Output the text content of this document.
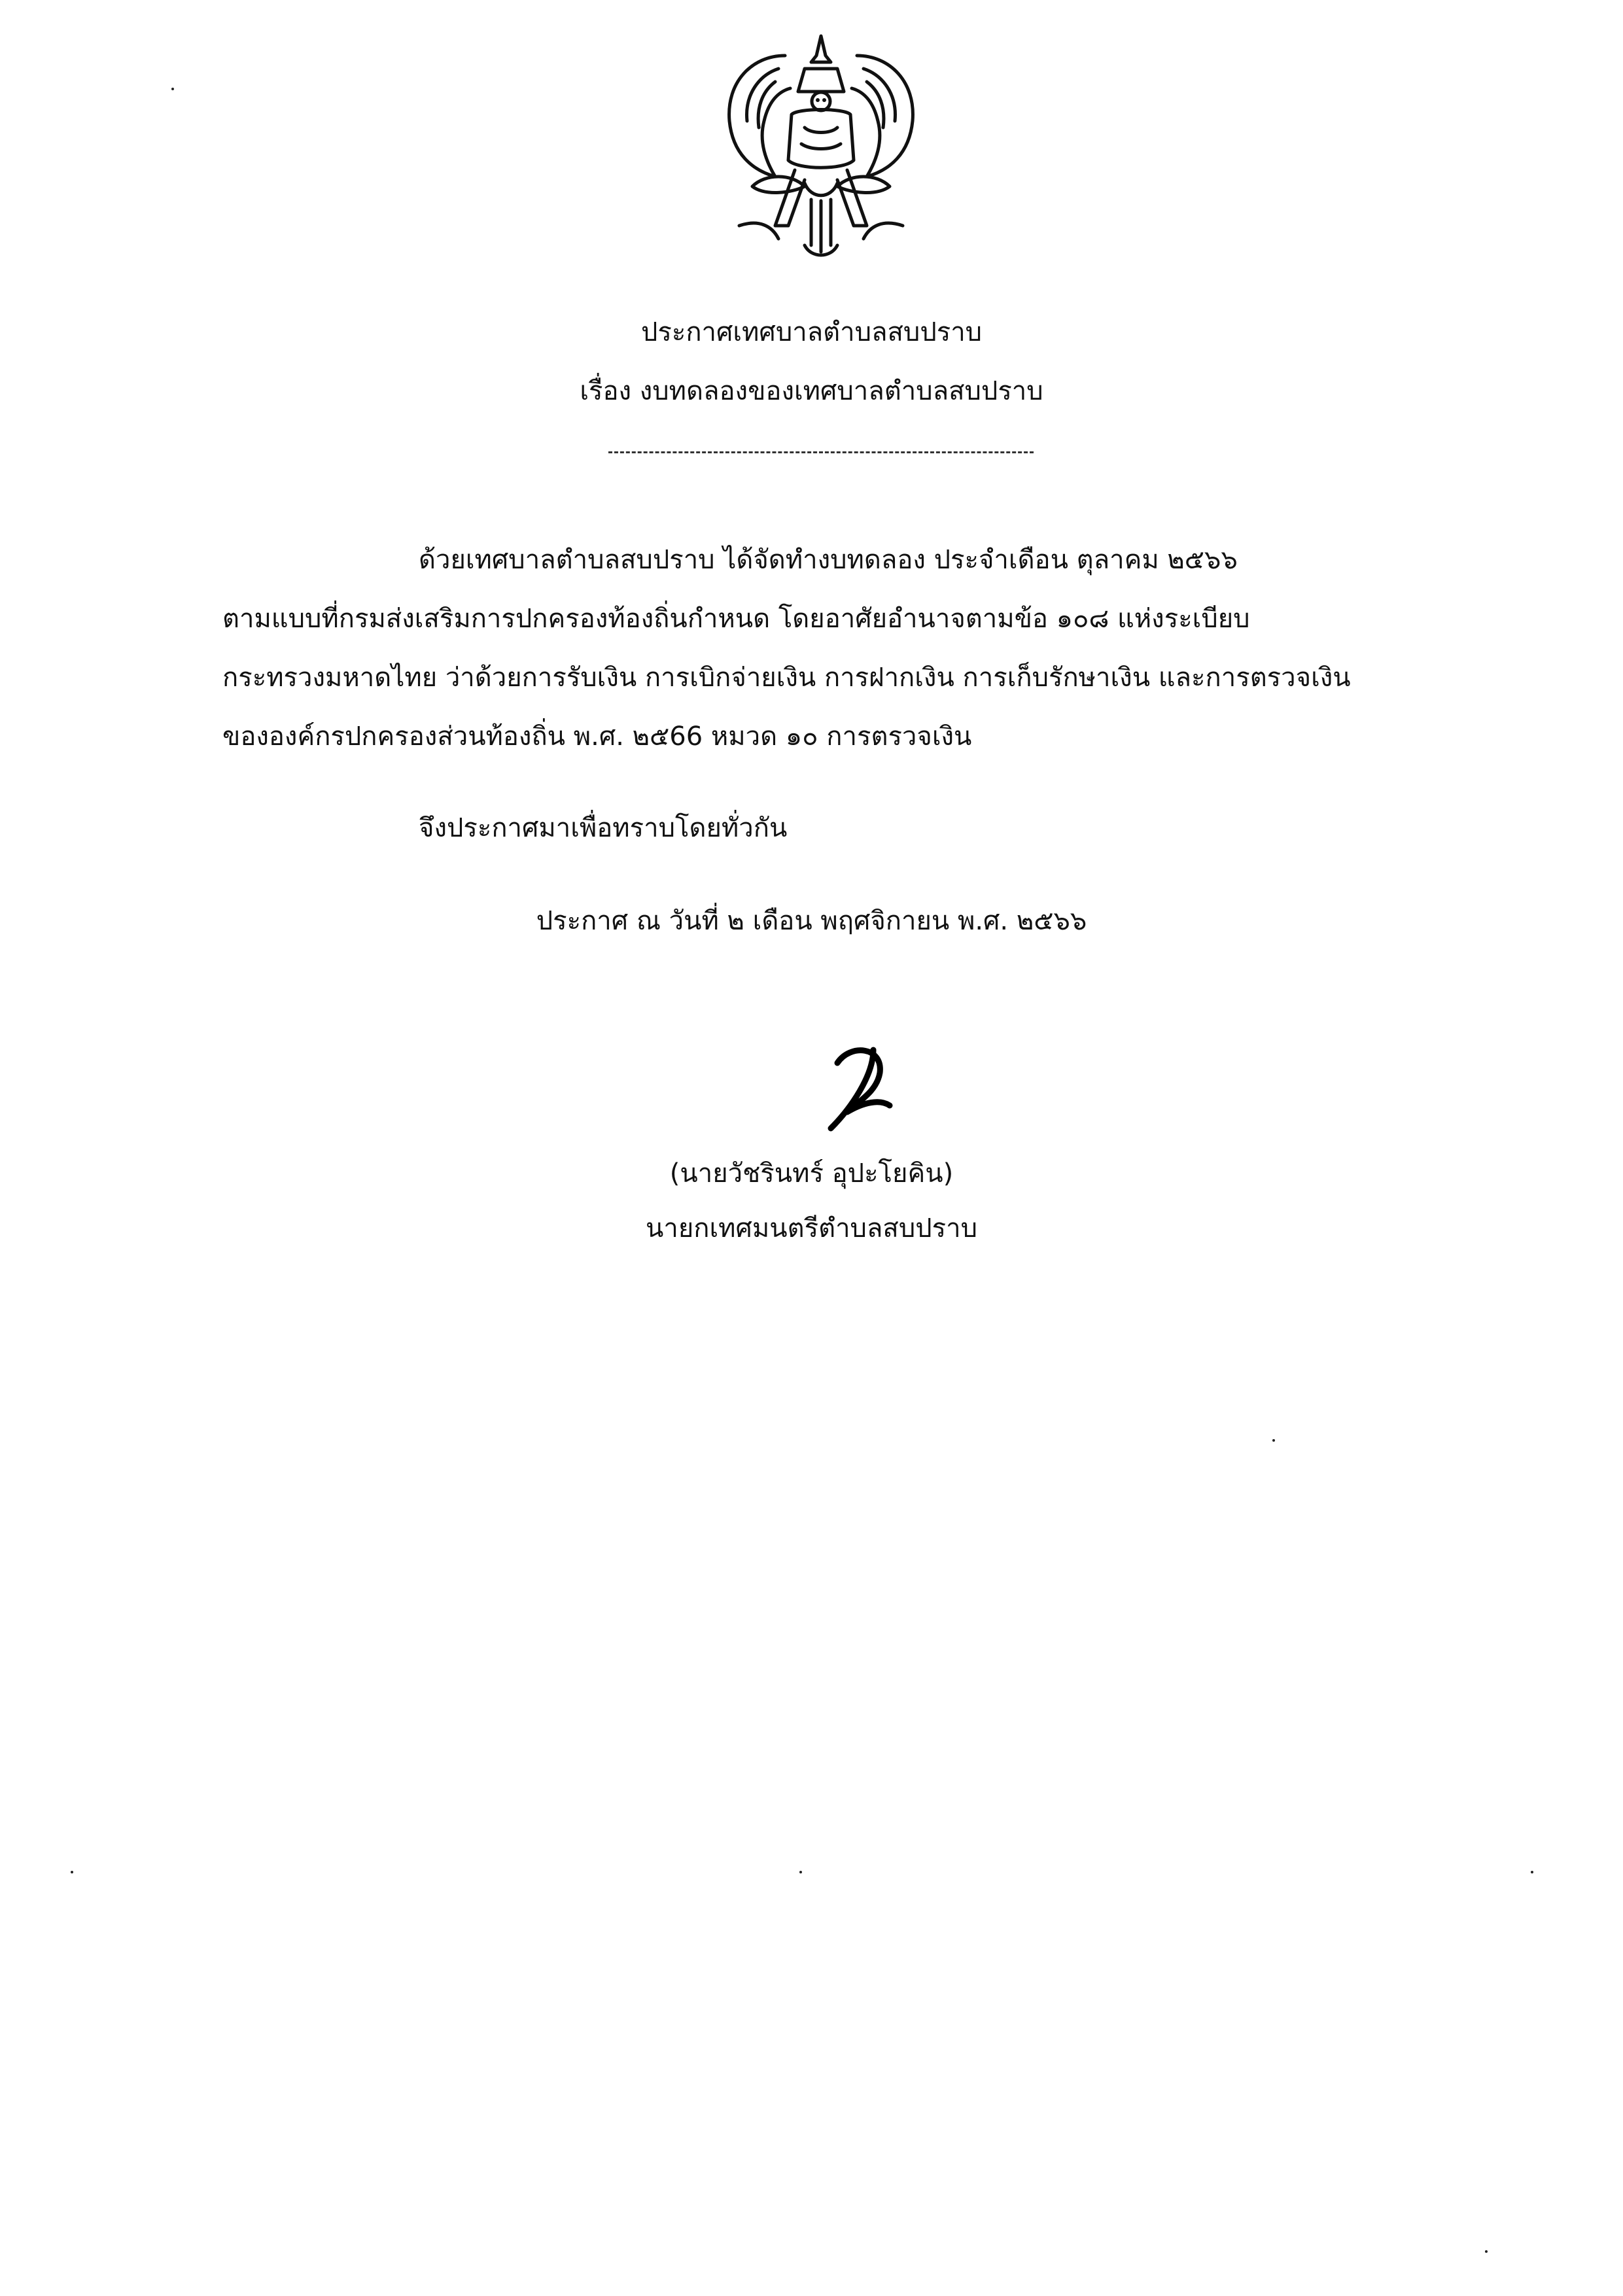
ประกาศเทศบาลตำบลสบปราบ
เรื่อง งบทดลองของเทศบาลตำบลสบปราบ
ด้วยเทศบาลตำบลสบปราบ ได้จัดทำงบทดลอง ประจำเดือน ตุลาคม ๒๕๖๖
ตามแบบที่กรมส่งเสริมการปกครองท้องถิ่นกำหนด โดยอาศัยอำนาจตามข้อ ๑๐๘ แห่งระเบียบ
กระทรวงมหาดไทย ว่าด้วยการรับเงิน การเบิกจ่ายเงิน การฝากเงิน การเก็บรักษาเงิน และการตรวจเงิน
ขององค์กรปกครองส่วนท้องถิ่น พ.ศ. ๒๕66 หมวด ๑๐ การตรวจเงิน
จึงประกาศมาเพื่อทราบโดยทั่วกัน
ประกาศ ณ วันที่ ๒ เดือน พฤศจิกายน พ.ศ. ๒๕๖๖
(นายวัชรินทร์ อุปะโยคิน)
นายกเทศมนตรีตำบลสบปราบ
